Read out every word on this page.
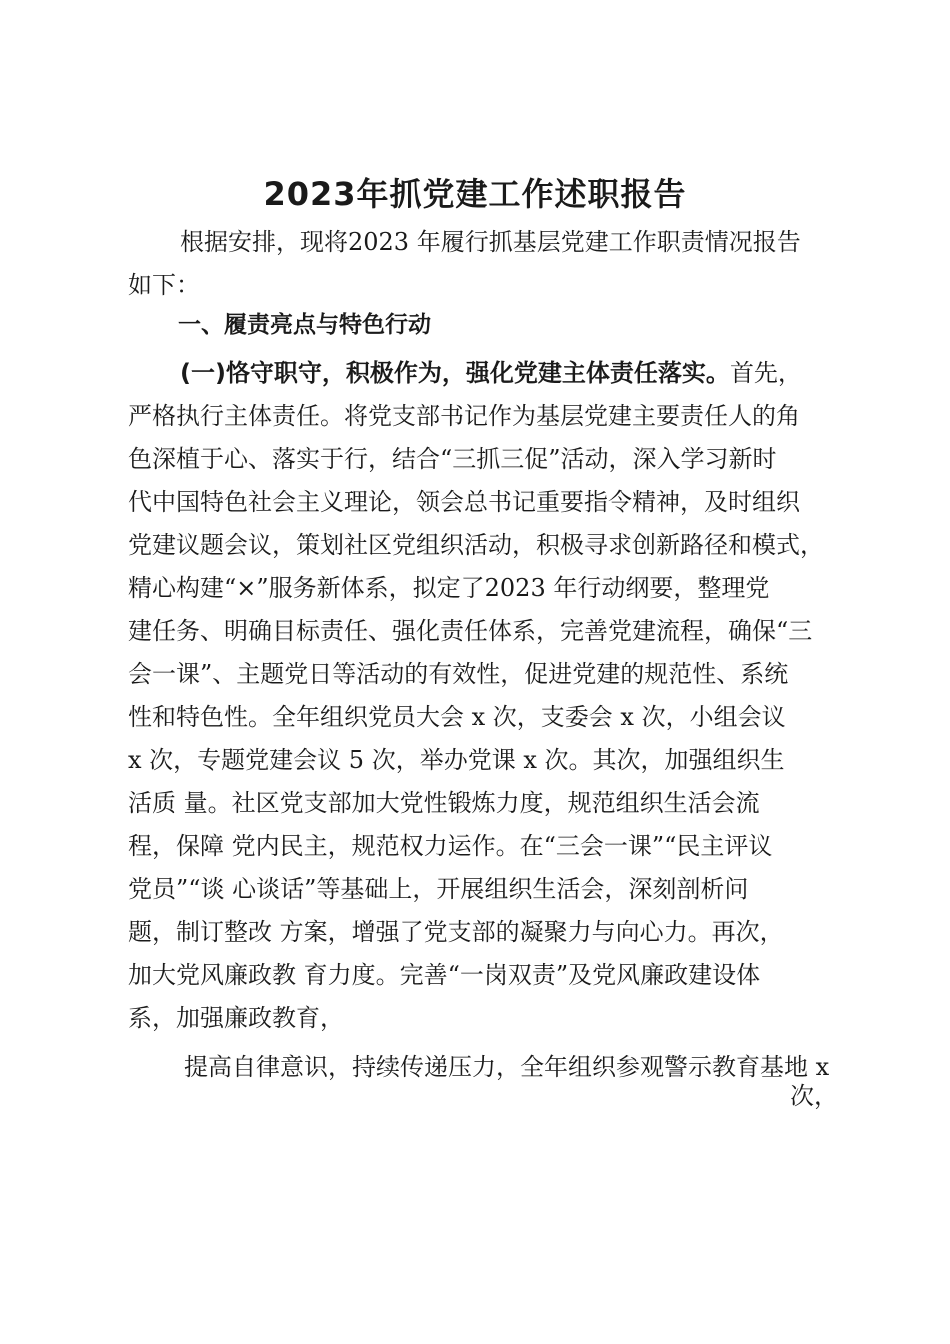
2023年抓党建工作述职报告
根据安排，现将2023 年履行抓基层党建工作职责情况报告
如下：
一、履责亮点与特色行动
(一)恪守职守，积极作为，强化党建主体责任落实。首先，
严格执行主体责任。将党支部书记作为基层党建主要责任人的角
色深植于心、落实于行，结合“三抓三促”活动，深入学习新时
代中国特色社会主义理论，领会总书记重要指令精神，及时组织
党建议题会议，策划社区党组织活动，积极寻求创新路径和模式，
精心构建“×”服务新体系，拟定了2023 年行动纲要，整理党
建任务、明确目标责任、强化责任体系，完善党建流程，确保“三
会一课”、主题党日等活动的有效性，促进党建的规范性、系统
性和特色性。全年组织党员大会 x 次，支委会 x 次，小组会议
x 次，专题党建会议 5 次，举办党课 x 次。其次，加强组织生
活质 量。社区党支部加大党性锻炼力度，规范组织生活会流
程，保障 党内民主，规范权力运作。在“三会一课”“民主评议
党员”“谈 心谈话”等基础上，开展组织生活会，深刻剖析问
题，制订整改 方案，增强了党支部的凝聚力与向心力。再次，
加大党风廉政教 育力度。完善“一岗双责”及党风廉政建设体
系，加强廉政教育，
提高自律意识，持续传递压力，全年组织参观警示教育基地 x
次，
